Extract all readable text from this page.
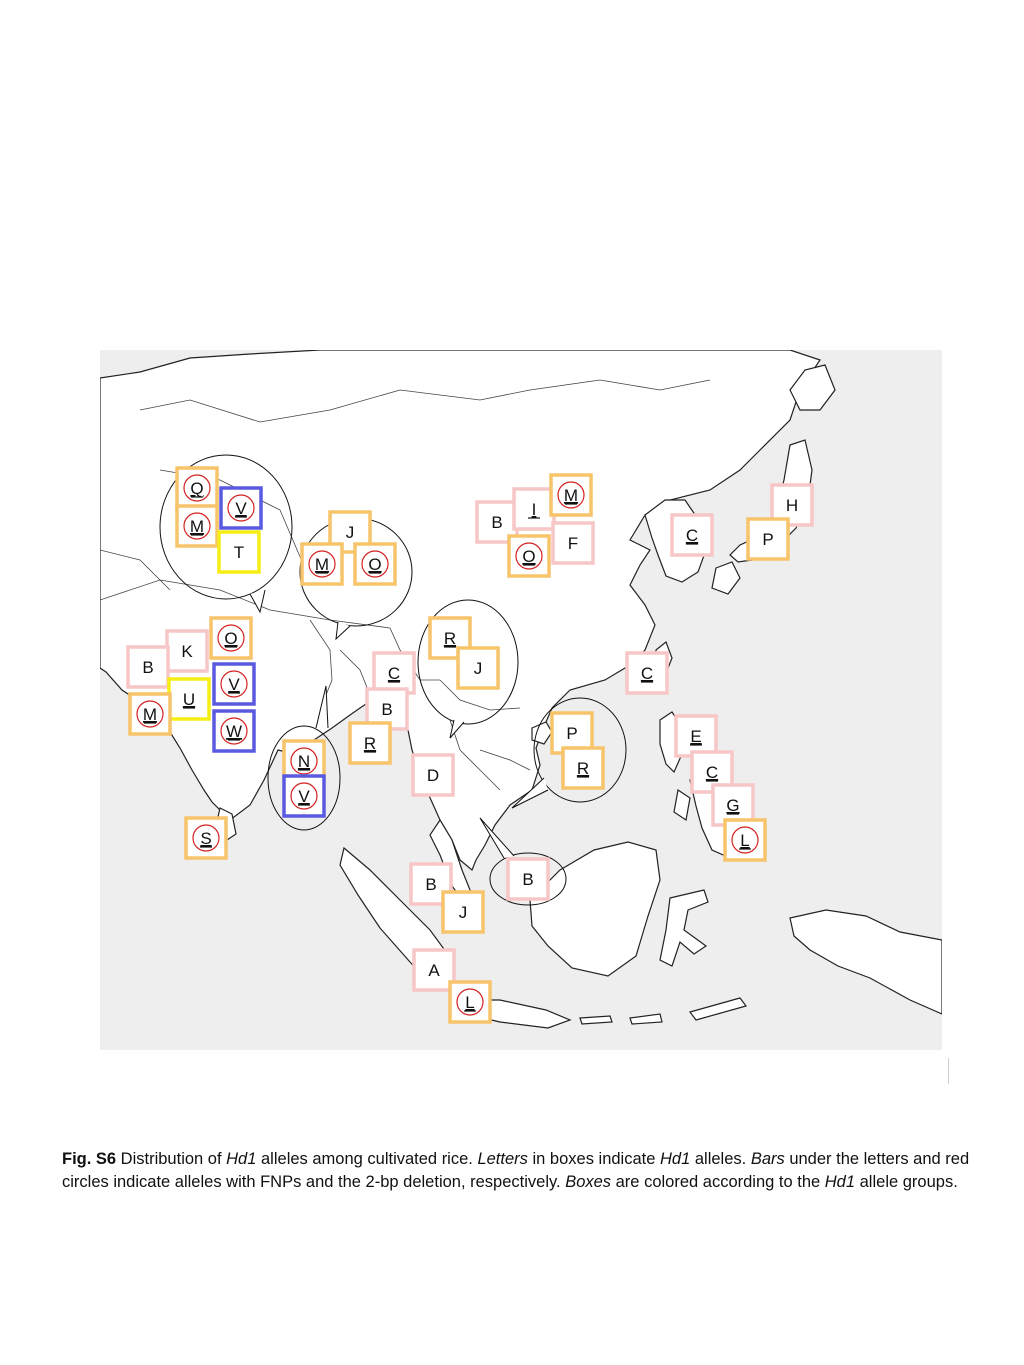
Q
V
M
T
J
M O
B
I
M
F
O
C
H
P
O
K
B
V
U
M
W
S
N
V
C
B
R
R
J
D
C
P
R
E
C
G
L
B
B
J
A
L

Fig. S6 Distribution of Hd1 alleles among cultivated rice. Letters in boxes indicate Hd1 alleles. Bars under the letters and red circles indicate alleles with FNPs and the 2-bp deletion, respectively. Boxes are colored according to the Hd1 allele groups.
